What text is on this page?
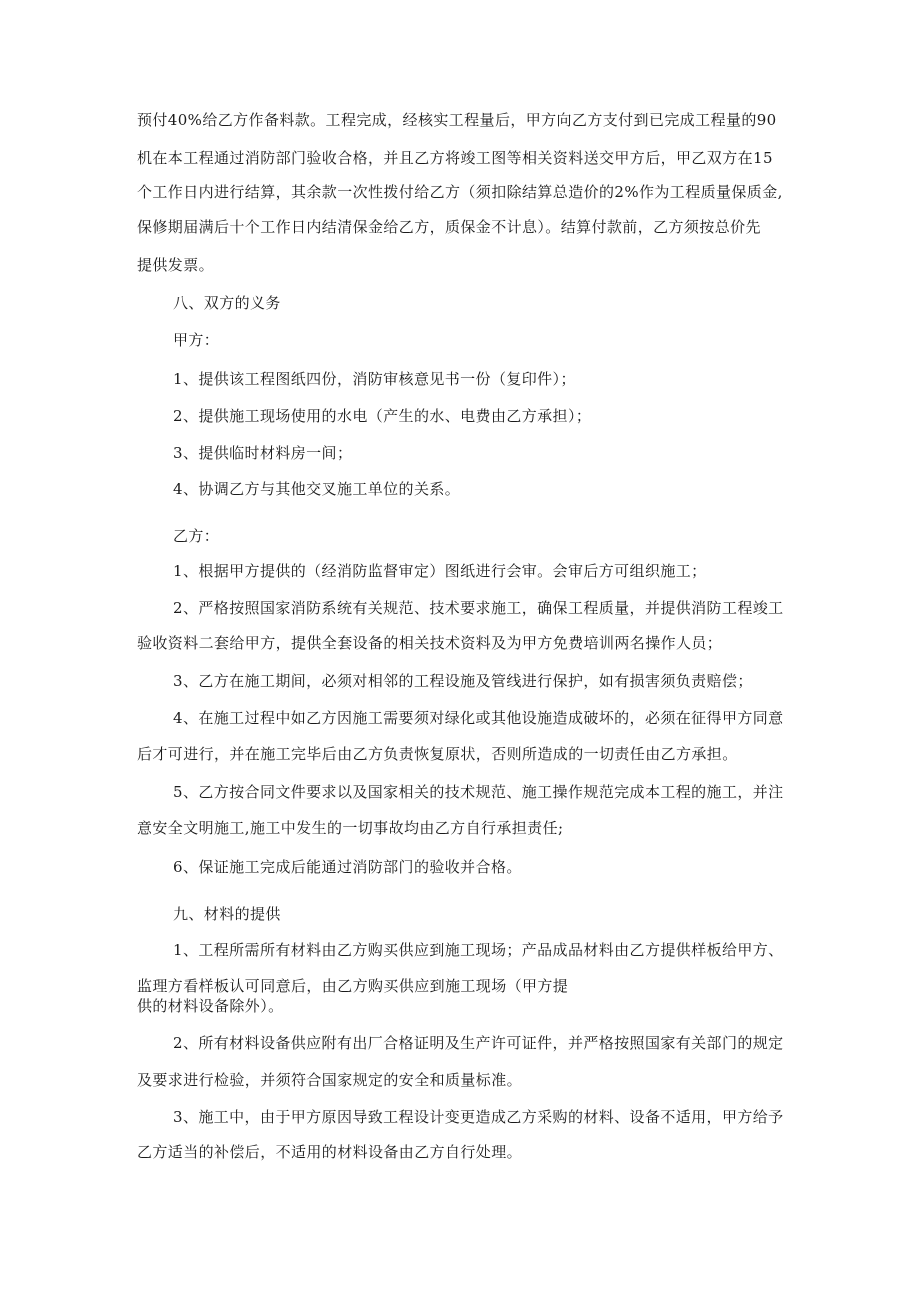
预付40%给乙方作备料款。工程完成，经核实工程量后，甲方向乙方支付到已完成工程量的90
机在本工程通过消防部门验收合格，并且乙方将竣工图等相关资料送交甲方后，甲乙双方在15
个工作日内进行结算，其余款一次性拨付给乙方（须扣除结算总造价的2%作为工程质量保质金,
保修期届满后十个工作日内结清保金给乙方，质保金不计息）。结算付款前，乙方须按总价先
提供发票。
八、双方的义务
甲方：
1、提供该工程图纸四份，消防审核意见书一份（复印件）；
2、提供施工现场使用的水电（产生的水、电费由乙方承担）；
3、提供临时材料房一间；
4、协调乙方与其他交叉施工单位的关系。
乙方：
1、根据甲方提供的（经消防监督审定）图纸进行会审。会审后方可组织施工；
2、严格按照国家消防系统有关规范、技术要求施工，确保工程质量，并提供消防工程竣工
验收资料二套给甲方，提供全套设备的相关技术资料及为甲方免费培训两名操作人员；
3、乙方在施工期间，必须对相邻的工程设施及管线进行保护，如有损害须负责赔偿；
4、在施工过程中如乙方因施工需要须对绿化或其他设施造成破坏的，必须在征得甲方同意
后才可进行，并在施工完毕后由乙方负责恢复原状，否则所造成的一切责任由乙方承担。
5、乙方按合同文件要求以及国家相关的技术规范、施工操作规范完成本工程的施工，并注
意安全文明施工,施工中发生的一切事故均由乙方自行承担责任;
6、保证施工完成后能通过消防部门的验收并合格。
九、材料的提供
1、工程所需所有材料由乙方购买供应到施工现场；产品成品材料由乙方提供样板给甲方、
监理方看样板认可同意后，由乙方购买供应到施工现场（甲方提
供的材料设备除外）。
2、所有材料设备供应附有出厂合格证明及生产许可证件，并严格按照国家有关部门的规定
及要求进行检验，并须符合国家规定的安全和质量标准。
3、施工中，由于甲方原因导致工程设计变更造成乙方采购的材料、设备不适用，甲方给予
乙方适当的补偿后，不适用的材料设备由乙方自行处理。
